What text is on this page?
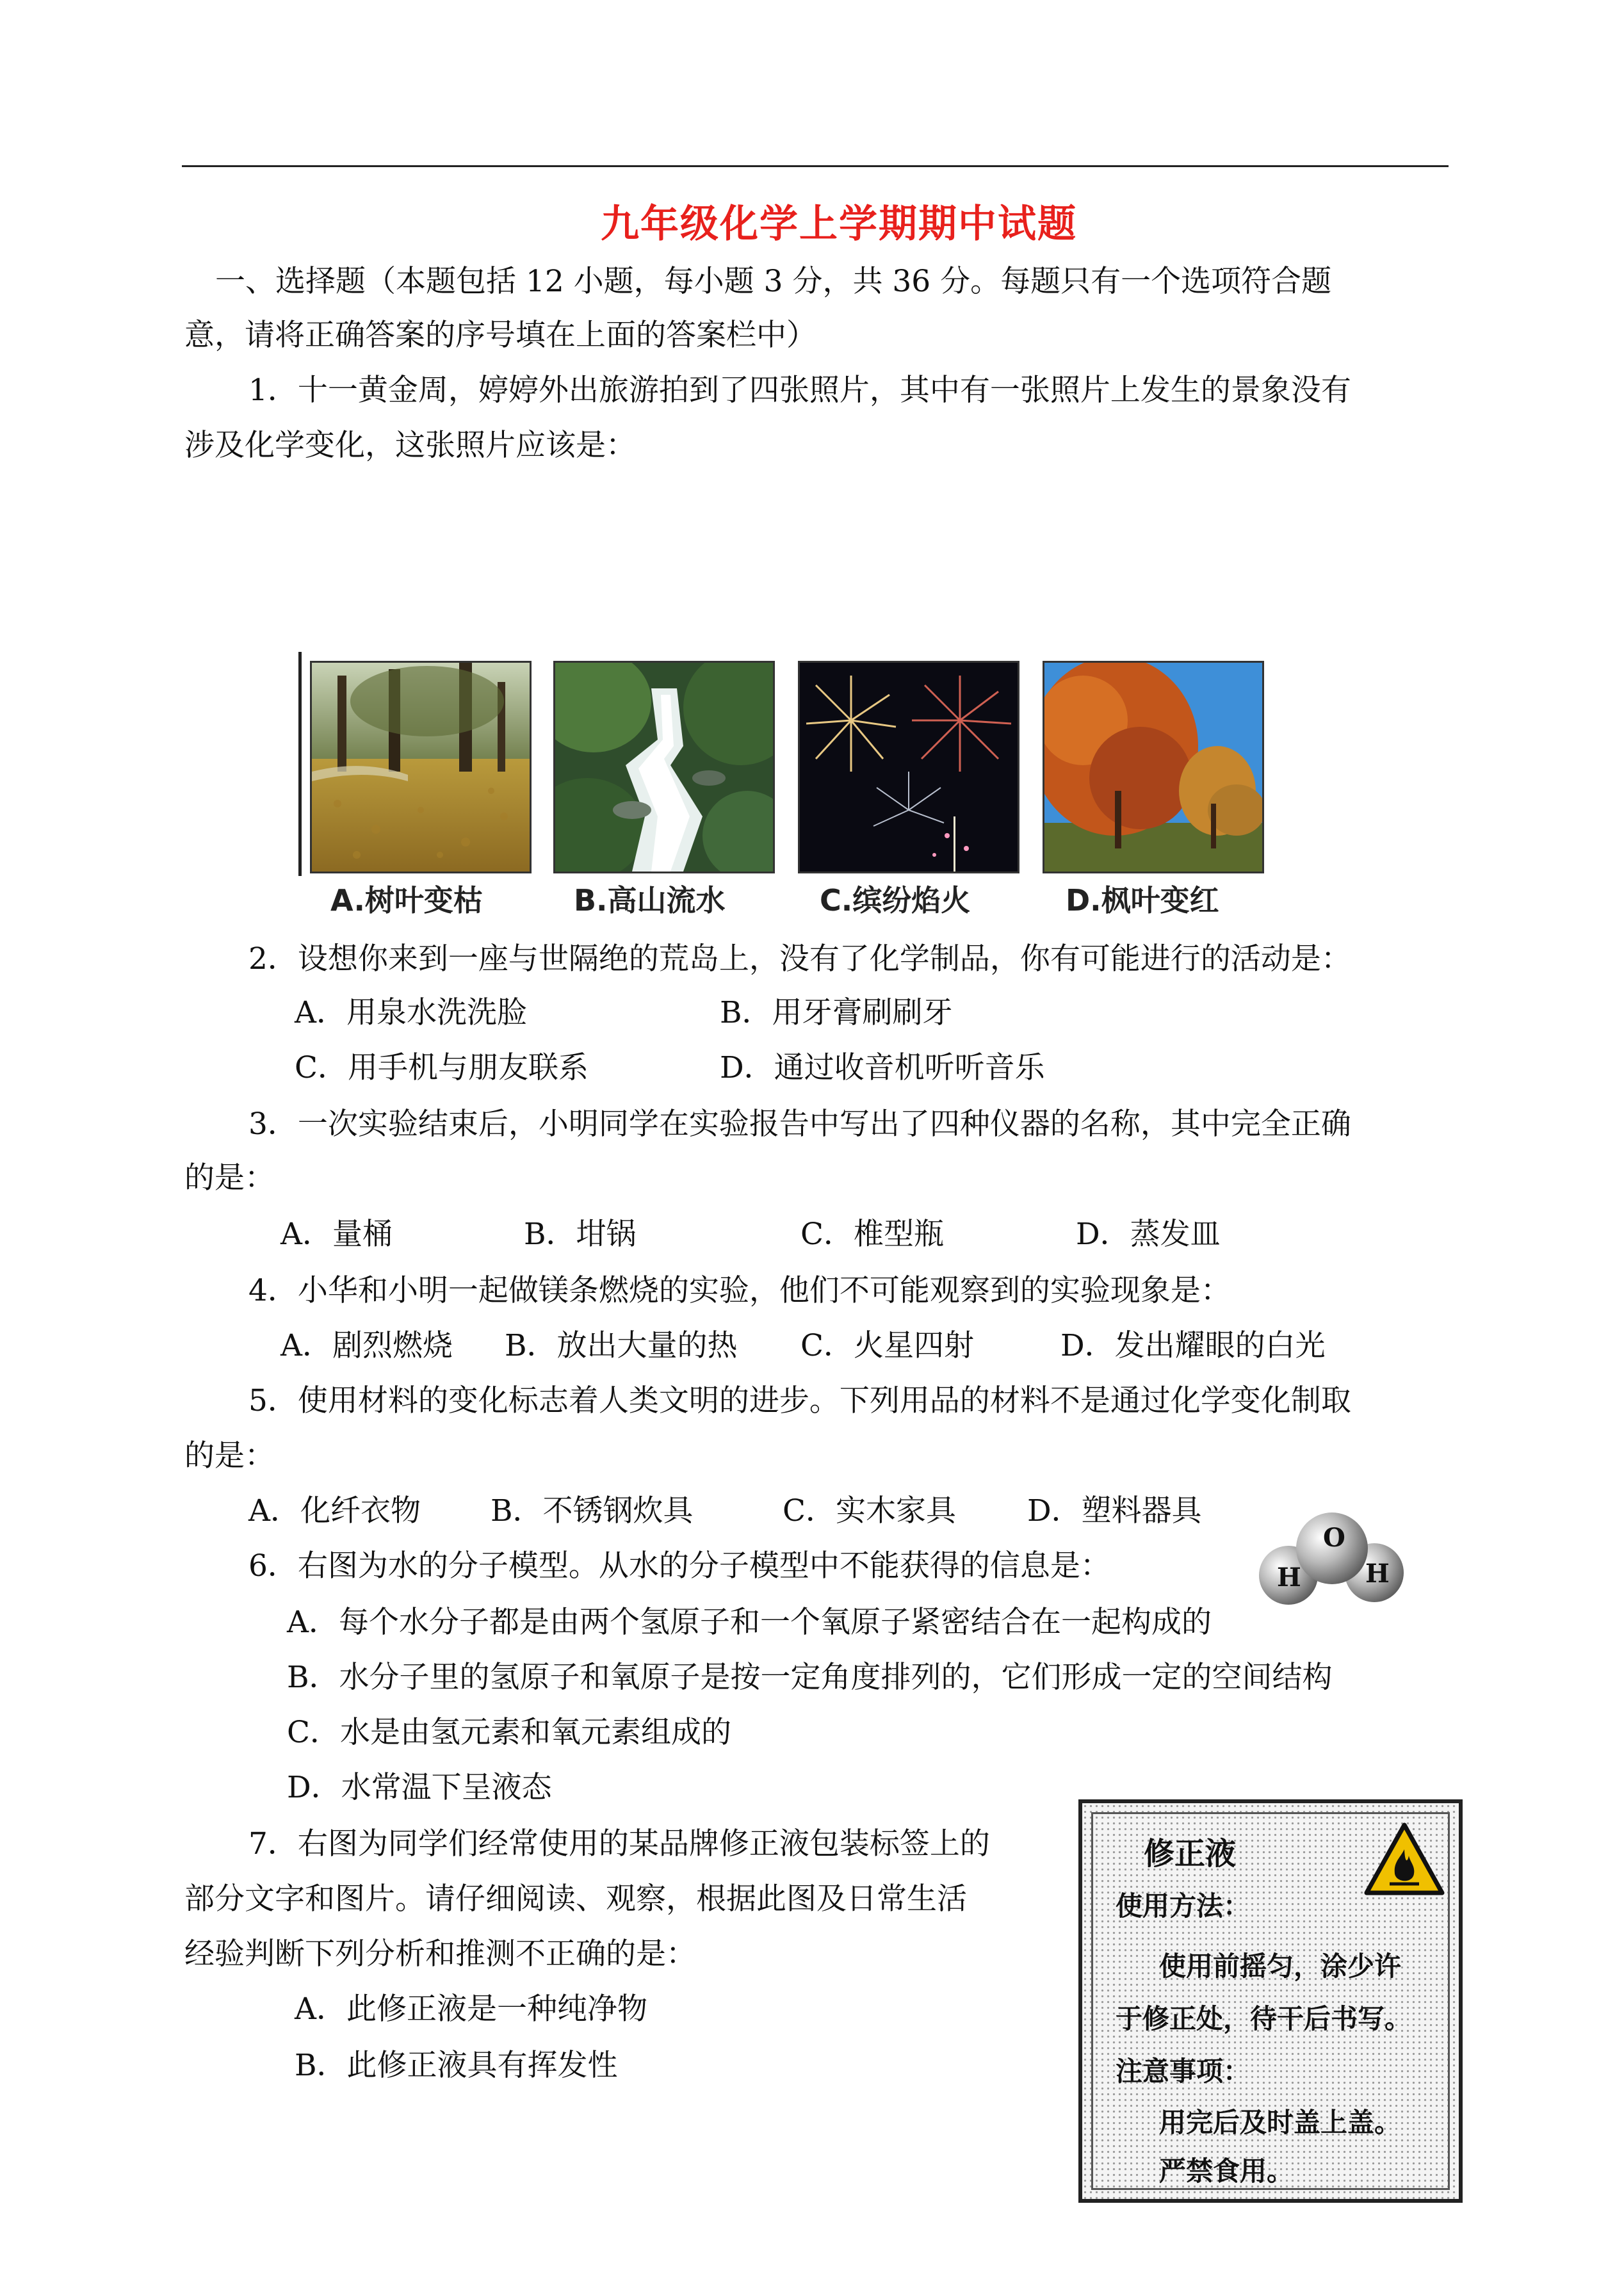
九年级化学上学期期中试题
一、选择题（本题包括 12 小题，每小题 3 分，共 36 分。每题只有一个选项符合题
意，请将正确答案的序号填在上面的答案栏中）
1．十一黄金周，婷婷外出旅游拍到了四张照片，其中有一张照片上发生的景象没有
涉及化学变化，这张照片应该是：
A.树叶变枯	B.高山流水	C.缤纷焰火	D.枫叶变红
2．设想你来到一座与世隔绝的荒岛上，没有了化学制品，你有可能进行的活动是：
A．用泉水洗洗脸	B．用牙膏刷刷牙
C．用手机与朋友联系	D．通过收音机听听音乐
3．一次实验结束后，小明同学在实验报告中写出了四种仪器的名称，其中完全正确
的是：
A．量桶	B．坩锅	C．椎型瓶	D．蒸发皿
4．小华和小明一起做镁条燃烧的实验，他们不可能观察到的实验现象是：
A．剧烈燃烧 B．放出大量的热 C．火星四射	D．发出耀眼的白光
5．使用材料的变化标志着人类文明的进步。下列用品的材料不是通过化学变化制取
的是：
A．化纤衣物 B．不锈钢炊具	C．实木家具 D．塑料器具
6．右图为水的分子模型。从水的分子模型中不能获得的信息是：
A．每个水分子都是由两个氢原子和一个氧原子紧密结合在一起构成的
B．水分子里的氢原子和氧原子是按一定角度排列的，它们形成一定的空间结构
C．水是由氢元素和氧元素组成的
D．水常温下呈液态
O
H	H
7．右图为同学们经常使用的某品牌修正液包装标签上的
部分文字和图片。请仔细阅读、观察，根据此图及日常生活
经验判断下列分析和推测不正确的是：
A．此修正液是一种纯净物
B．此修正液具有挥发性
修正液
使用方法：
使用前摇匀，涂少许
于修正处，待干后书写。
注意事项：
用完后及时盖上盖。
严禁食用。
